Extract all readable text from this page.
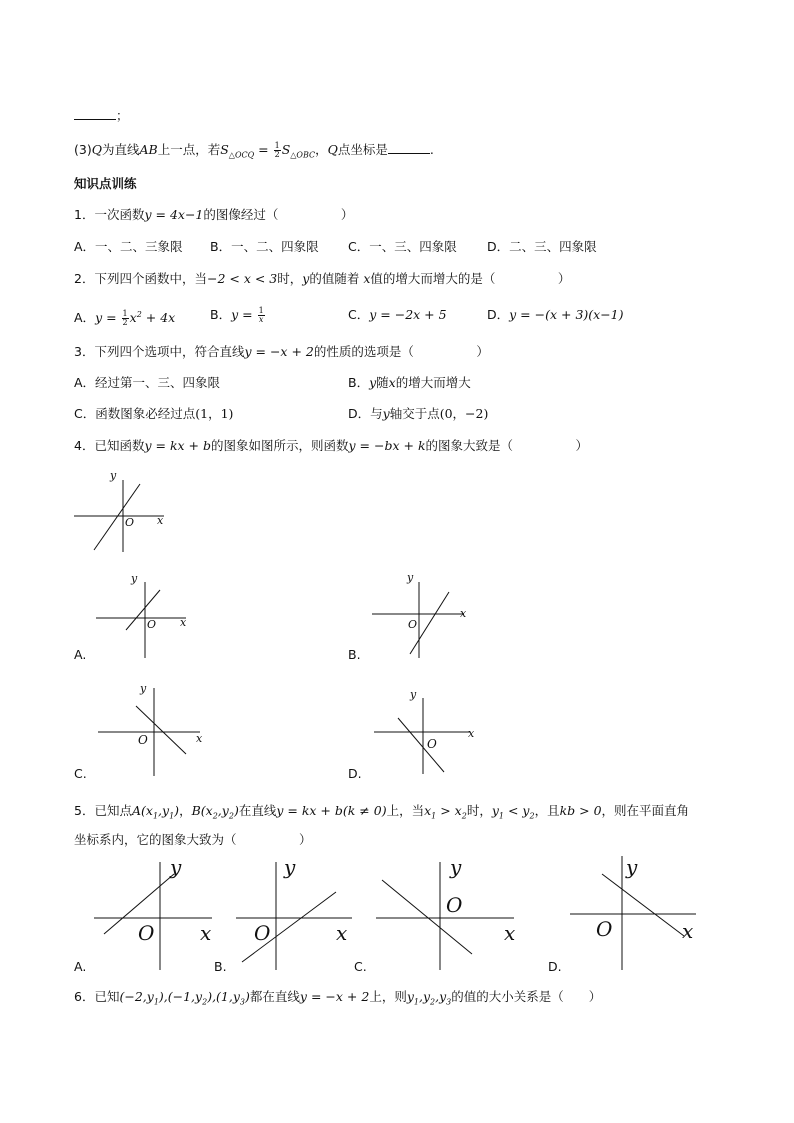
；
(3)Q为直线AB上一点，若$S_{\triangle OCQ} = \frac{1}{2} S_{\triangle OBC}$，Q点坐标是	.
知识点训练
1．一次函数y = 4x−1的图像经过（　　　　　）
A．一、二、三象限 B．一、二、四象限 C．一、三、四象限 D．二、三、四象限
2．下列四个函数中，当−2 < x < 3时，y的值随着 x值的增大而增大的是（　　　　　）
A．$y = \frac{1}{2} x^2 + 4x$	B．$y = \frac{1}{x}$	C．y = −2x + 5	D．y = −(x + 3)(x−1)
3．下列四个选项中，符合直线y = −x + 2的性质的选项是（　　　　　）
A．经过第一、三、四象限	B．y随x的增大而增大
C．函数图象必经过点(1，1)	D．与y轴交于点(0，−2)
4．已知函数y = kx + b的图象如图所示，则函数y = −bx + k的图象大致是（　　　　　）
y
x
O
y
x
O
A.
y
x
O
B.
y
x
O
C.
y
x
O
D.
5．已知点$A(x_1,y_1)$，$B(x_2,y_2)$在直线y = kx + b(k ≠ 0)上，当$x_1 > x_2$时，$y_1 < y_2$，且kb > 0，则在平面直角
坐标系内，它的图象大致为（　　　　　）
y
x
O
A.
y
x
O
B.
y
x
O
C.
y
x
O
D.
6．已知$(-2,y_1),(-1,y_2),(1,y_3)$都在直线y = −x + 2上，则$y_1,y_2,y_3$的值的大小关系是（　　）
